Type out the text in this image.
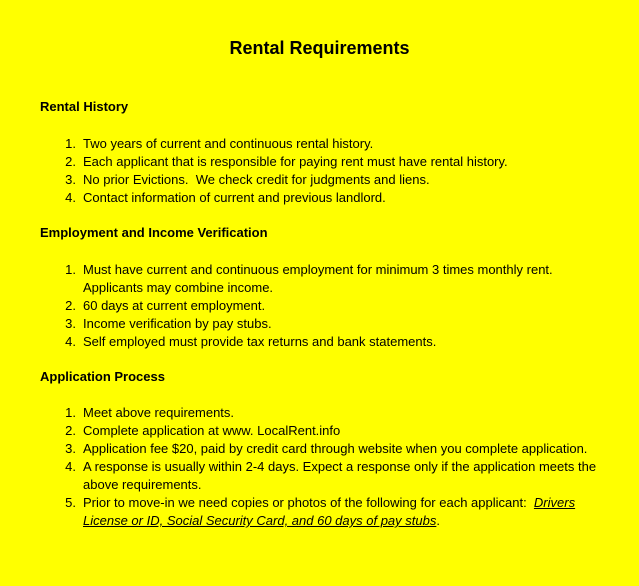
Rental Requirements
Rental History
1. Two years of current and continuous rental history.
2. Each applicant that is responsible for paying rent must have rental history.
3. No prior Evictions.  We check credit for judgments and liens.
4. Contact information of current and previous landlord.
Employment and Income Verification
1. Must have current and continuous employment for minimum 3 times monthly rent. Applicants may combine income.
2. 60 days at current employment.
3. Income verification by pay stubs.
4. Self employed must provide tax returns and bank statements.
Application Process
1. Meet above requirements.
2. Complete application at www. LocalRent.info
3. Application fee $20, paid by credit card through website when you complete application.
4. A response is usually within 2-4 days. Expect a response only if the application meets the above requirements.
5. Prior to move-in we need copies or photos of the following for each applicant:  Drivers License or ID, Social Security Card, and 60 days of pay stubs.
